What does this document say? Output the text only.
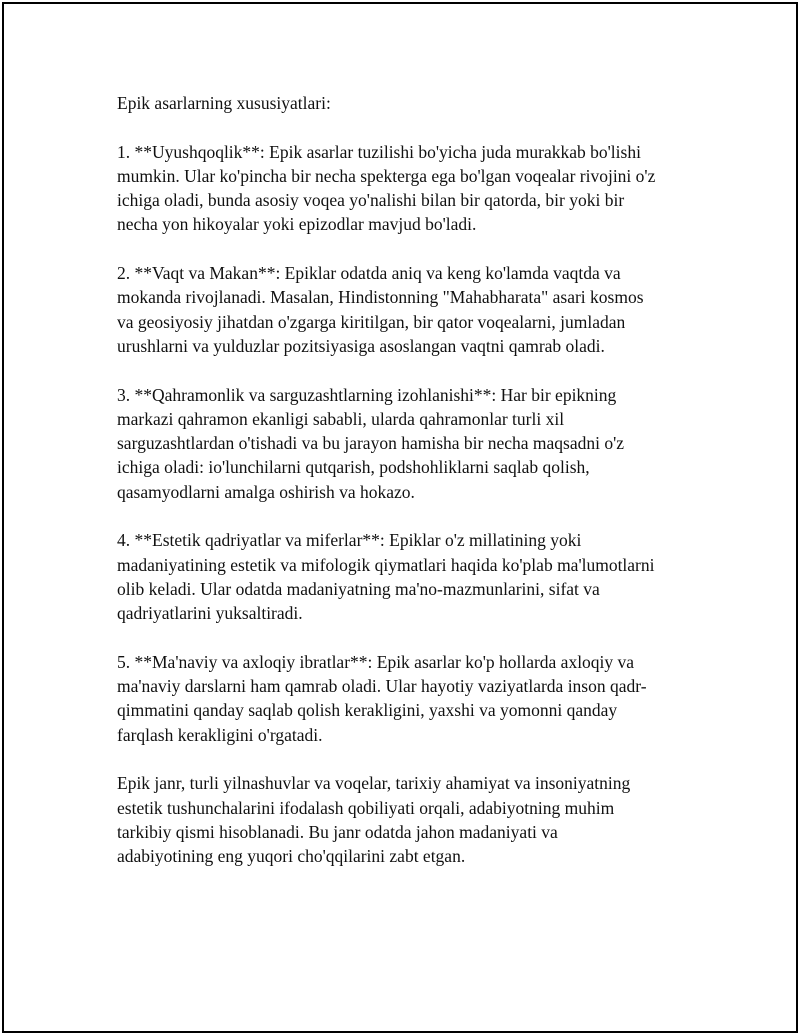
Epik asarlarning xususiyatlari:

1. **Uyushqoqlik**: Epik asarlar tuzilishi bo'yicha juda murakkab bo'lishi
mumkin. Ular ko'pincha bir necha spekterga ega bo'lgan voqealar rivojini o'z
ichiga oladi, bunda asosiy voqea yo'nalishi bilan bir qatorda, bir yoki bir
necha yon hikoyalar yoki epizodlar mavjud bo'ladi.

2. **Vaqt va Makan**: Epiklar odatda aniq va keng ko'lamda vaqtda va
mokanda rivojlanadi. Masalan, Hindistonning "Mahabharata" asari kosmos
va geosiyosiy jihatdan o'zgarga kiritilgan, bir qator voqealarni, jumladan
urushlarni va yulduzlar pozitsiyasiga asoslangan vaqtni qamrab oladi.

3. **Qahramonlik va sarguzashtlarning izohlanishi**: Har bir epikning
markazi qahramon ekanligi sababli, ularda qahramonlar turli xil
sarguzashtlardan o'tishadi va bu jarayon hamisha bir necha maqsadni o'z
ichiga oladi: io'lunchilarni qutqarish, podshohliklarni saqlab qolish,
qasamyodlarni amalga oshirish va hokazo.

4. **Estetik qadriyatlar va miferlar**: Epiklar o'z millatining yoki
madaniyatining estetik va mifologik qiymatlari haqida ko'plab ma'lumotlarni
olib keladi. Ular odatda madaniyatning ma'no-mazmunlarini, sifat va
qadriyatlarini yuksaltiradi.

5. **Ma'naviy va axloqiy ibratlar**: Epik asarlar ko'p hollarda axloqiy va
ma'naviy darslarni ham qamrab oladi. Ular hayotiy vaziyatlarda inson qadr-
qimmatini qanday saqlab qolish kerakligini, yaxshi va yomonni qanday
farqlash kerakligini o'rgatadi.

Epik janr, turli yilnashuvlar va voqelar, tarixiy ahamiyat va insoniyatning
estetik tushunchalarini ifodalash qobiliyati orqali, adabiyotning muhim
tarkibiy qismi hisoblanadi. Bu janr odatda jahon madaniyati va
adabiyotining eng yuqori cho'qqilarini zabt etgan.
